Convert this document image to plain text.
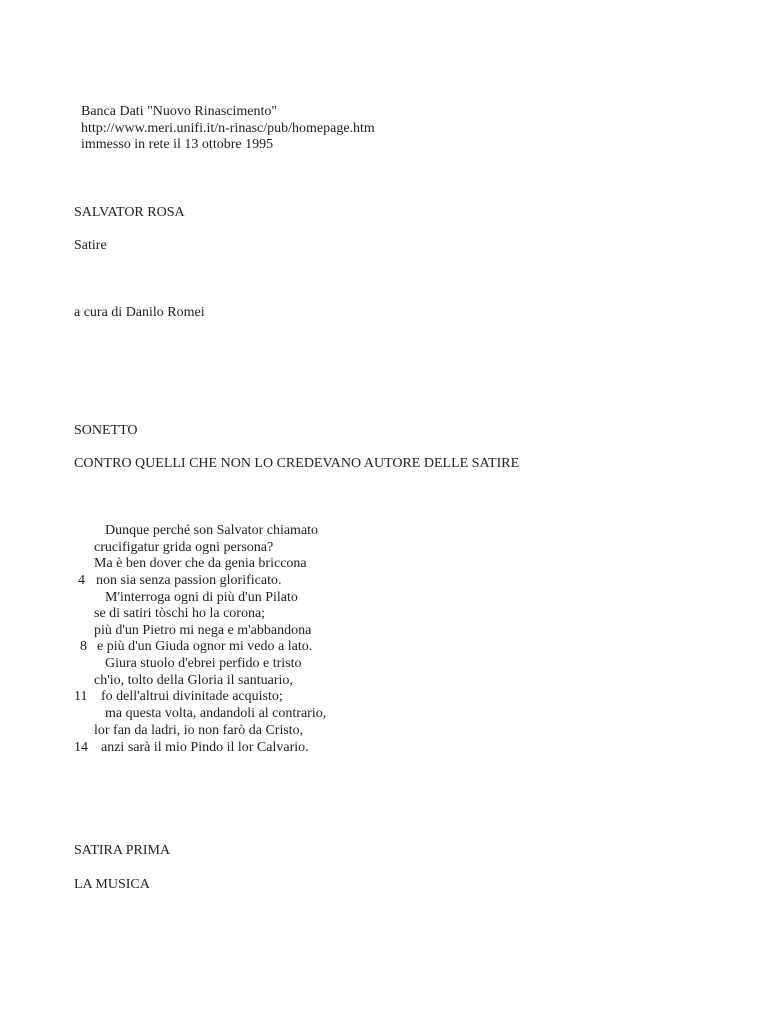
Banca Dati "Nuovo Rinascimento"
http://www.meri.unifi.it/n-rinasc/pub/homepage.htm
immesso in rete il 13 ottobre 1995
SALVATOR ROSA
Satire
a cura di Danilo Romei
SONETTO
CONTRO QUELLI CHE NON LO CREDEVANO AUTORE DELLE SATIRE
Dunque perché son Salvator chiamato
crucifigatur grida ogni persona?
Ma è ben dover che da genia briccona
4 non sia senza passion glorificato.
M'interroga ogni di più d'un Pilato
se di satiri tòschi ho la corona;
più d'un Pietro mi nega e m'abbandona
8 e più d'un Giuda ognor mi vedo a lato.
Giura stuolo d'ebrei perfido e tristo
ch'io, tolto della Gloria il santuario,
11 fo dell'altrui divinitade acquisto;
ma questa volta, andandoli al contrario,
lor fan da ladri, io non farò da Cristo,
14 anzi sarà il mio Pindo il lor Calvario.
SATIRA PRIMA
LA MUSICA
